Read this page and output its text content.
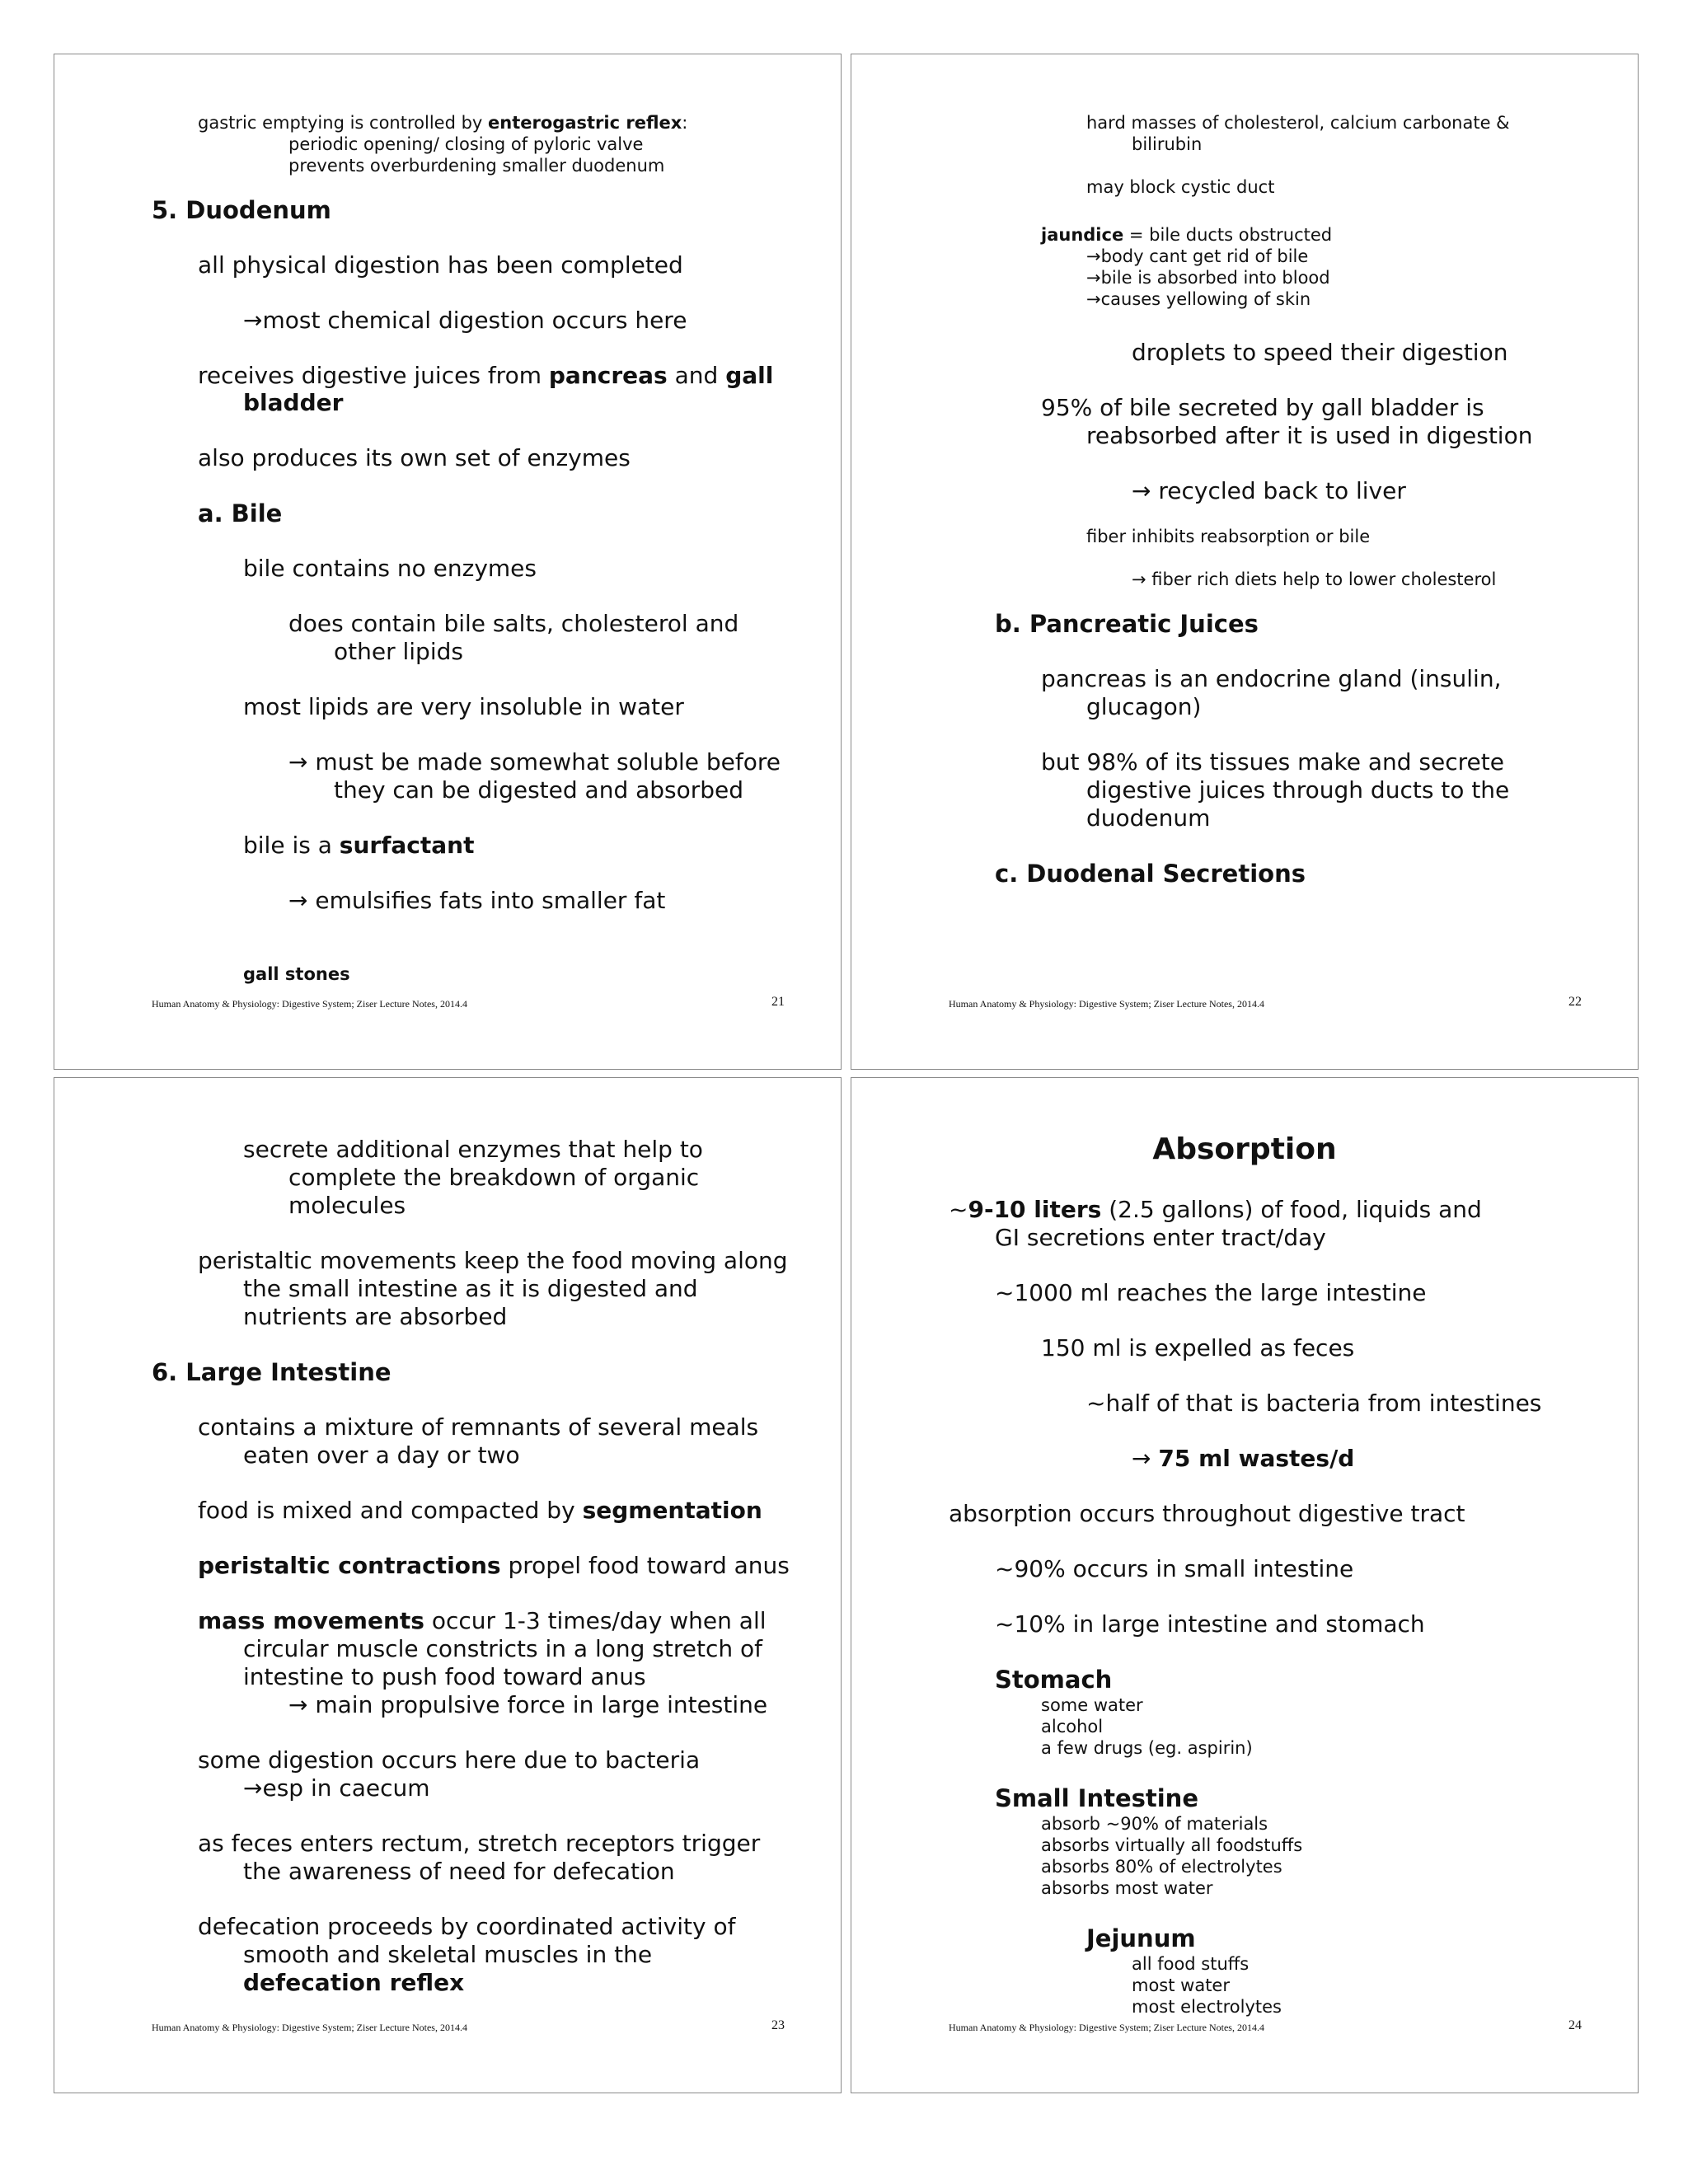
gastric emptying is controlled by enterogastric reflex:
periodic opening/ closing of pyloric valve
prevents overburdening smaller duodenum
5. Duodenum
all physical digestion has been completed
→most chemical digestion occurs here
receives digestive juices from pancreas and gall
bladder
also produces its own set of enzymes
a. Bile
bile contains no enzymes
does contain bile salts, cholesterol and
other lipids
most lipids are very insoluble in water
→ must be made somewhat soluble before
they can be digested and absorbed
bile is a surfactant
→ emulsifies fats into smaller fat
gall stones
Human Anatomy & Physiology: Digestive System; Ziser Lecture Notes, 2014.4	21
hard masses of cholesterol, calcium carbonate &
bilirubin
may block cystic duct
jaundice = bile ducts obstructed
→body cant get rid of bile
→bile is absorbed into blood
→causes yellowing of skin
droplets to speed their digestion
95% of bile secreted by gall bladder is
reabsorbed after it is used in digestion
→ recycled back to liver
fiber inhibits reabsorption or bile
→ fiber rich diets help to lower cholesterol
b. Pancreatic Juices
pancreas is an endocrine gland (insulin,
glucagon)
but 98% of its tissues make and secrete
digestive juices through ducts to the
duodenum
c. Duodenal Secretions
Human Anatomy & Physiology: Digestive System; Ziser Lecture Notes, 2014.4	22
secrete additional enzymes that help to
complete the breakdown of organic
molecules
peristaltic movements keep the food moving along
the small intestine as it is digested and
nutrients are absorbed
6. Large Intestine
contains a mixture of remnants of several meals
eaten over a day or two
food is mixed and compacted by segmentation
peristaltic contractions propel food toward anus
mass movements occur 1-3 times/day when all
circular muscle constricts in a long stretch of
intestine to push food toward anus
→ main propulsive force in large intestine
some digestion occurs here due to bacteria
→esp in caecum
as feces enters rectum, stretch receptors trigger
the awareness of need for defecation
defecation proceeds by coordinated activity of
smooth and skeletal muscles in the
defecation reflex
Human Anatomy & Physiology: Digestive System; Ziser Lecture Notes, 2014.4	23
Absorption
~9-10 liters (2.5 gallons) of food, liquids and
GI secretions enter tract/day
~1000 ml reaches the large intestine
150 ml is expelled as feces
~half of that is bacteria from intestines
→ 75 ml wastes/d
absorption occurs throughout digestive tract
~90% occurs in small intestine
~10% in large intestine and stomach
Stomach
some water
alcohol
a few drugs (eg. aspirin)
Small Intestine
absorb ~90% of materials
absorbs virtually all foodstuffs
absorbs 80% of electrolytes
absorbs most water
Jejunum
all food stuffs
most water
most electrolytes
Human Anatomy & Physiology: Digestive System; Ziser Lecture Notes, 2014.4	24
